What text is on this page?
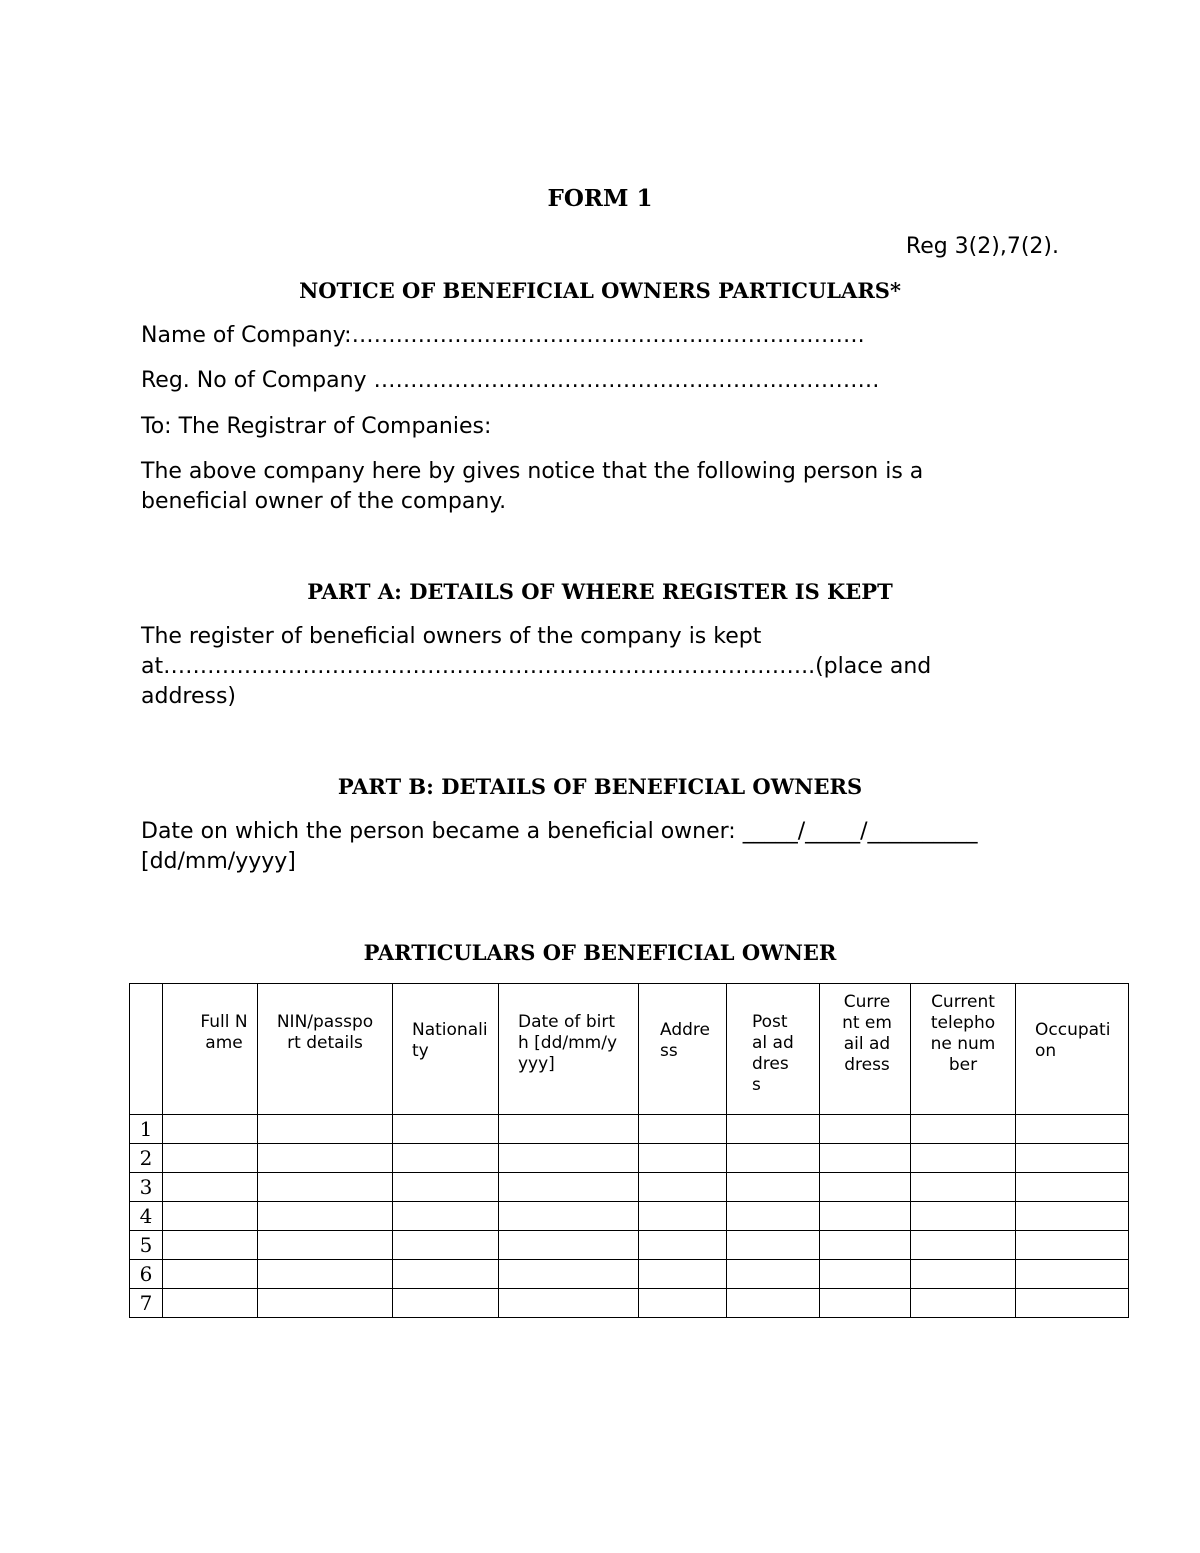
FORM 1
Reg 3(2),7(2).
NOTICE OF BENEFICIAL OWNERS PARTICULARS*
Name of Company:…………………………………………………………….
Reg. No of Company ……………………………………………………………
To: The Registrar of Companies:
The above company here by gives notice that the following person is a
beneficial owner of the company.
PART A: DETAILS OF WHERE REGISTER IS KEPT
The register of beneficial owners of the company is kept
at……………………………………………………………………………..(place and
address)
PART B: DETAILS OF BENEFICIAL OWNERS
Date on which the person became a beneficial owner: _____/_____/__________
[dd/mm/yyyy]
PARTICULARS OF BENEFICIAL OWNER

	Full Name	NIN/passport details	Nationality	Date of birth [dd/mm/yyyy]	Address	Postal address	Current email address	Current telephone number	Occupation

1									
2									
3									
4									
5									
6									
7									
